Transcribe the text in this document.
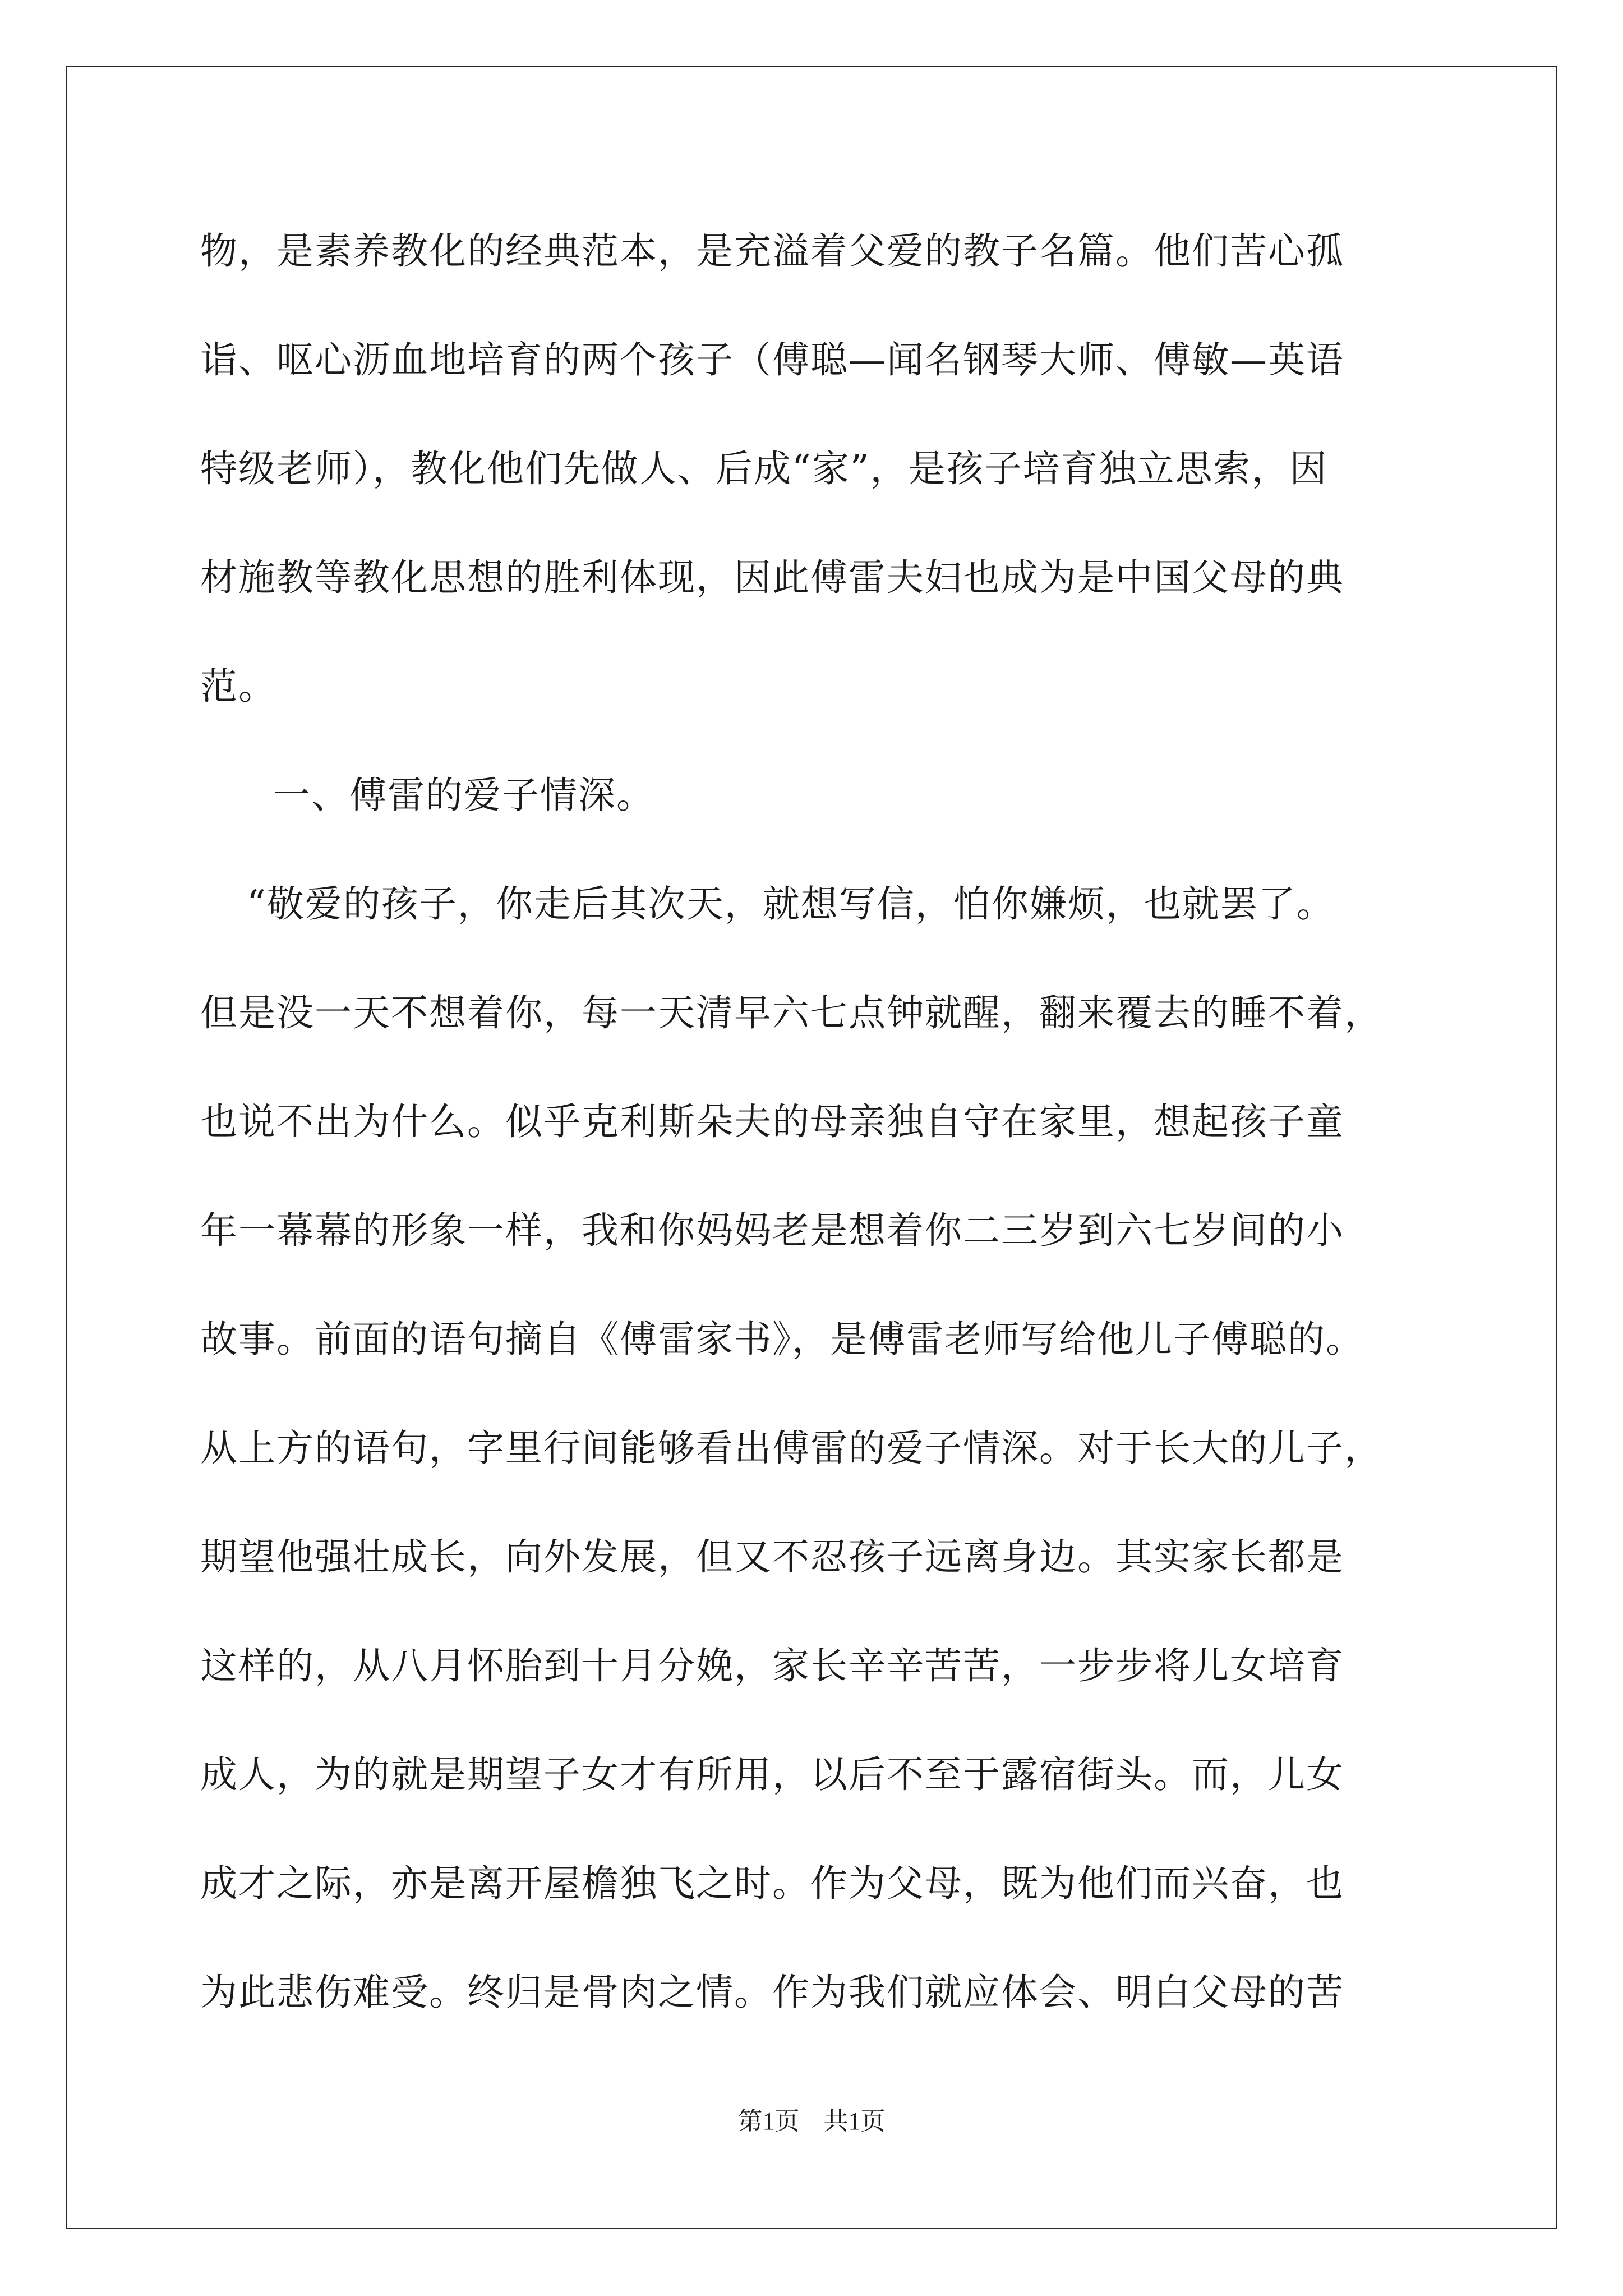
物，是素养教化的经典范本，是充溢着父爱的教子名篇。他们苦心孤
诣、呕心沥血地培育的两个孩子（傅聪—闻名钢琴大师、傅敏—英语
特级老师），教化他们先做人、后成“家”，是孩子培育独立思索，因
材施教等教化思想的胜利体现，因此傅雷夫妇也成为是中国父母的典
范。
一、傅雷的爱子情深。
“敬爱的孩子，你走后其次天，就想写信，怕你嫌烦，也就罢了。
但是没一天不想着你，每一天清早六七点钟就醒，翻来覆去的睡不着，
也说不出为什么。似乎克利斯朵夫的母亲独自守在家里，想起孩子童
年一幕幕的形象一样，我和你妈妈老是想着你二三岁到六七岁间的小
故事。前面的语句摘自《傅雷家书》，是傅雷老师写给他儿子傅聪的。
从上方的语句，字里行间能够看出傅雷的爱子情深。对于长大的儿子，
期望他强壮成长，向外发展，但又不忍孩子远离身边。其实家长都是
这样的，从八月怀胎到十月分娩，家长辛辛苦苦，一步步将儿女培育
成人，为的就是期望子女才有所用，以后不至于露宿街头。而，儿女
成才之际，亦是离开屋檐独飞之时。作为父母，既为他们而兴奋，也
为此悲伤难受。终归是骨肉之情。作为我们就应体会、明白父母的苦
第1页 共1页
